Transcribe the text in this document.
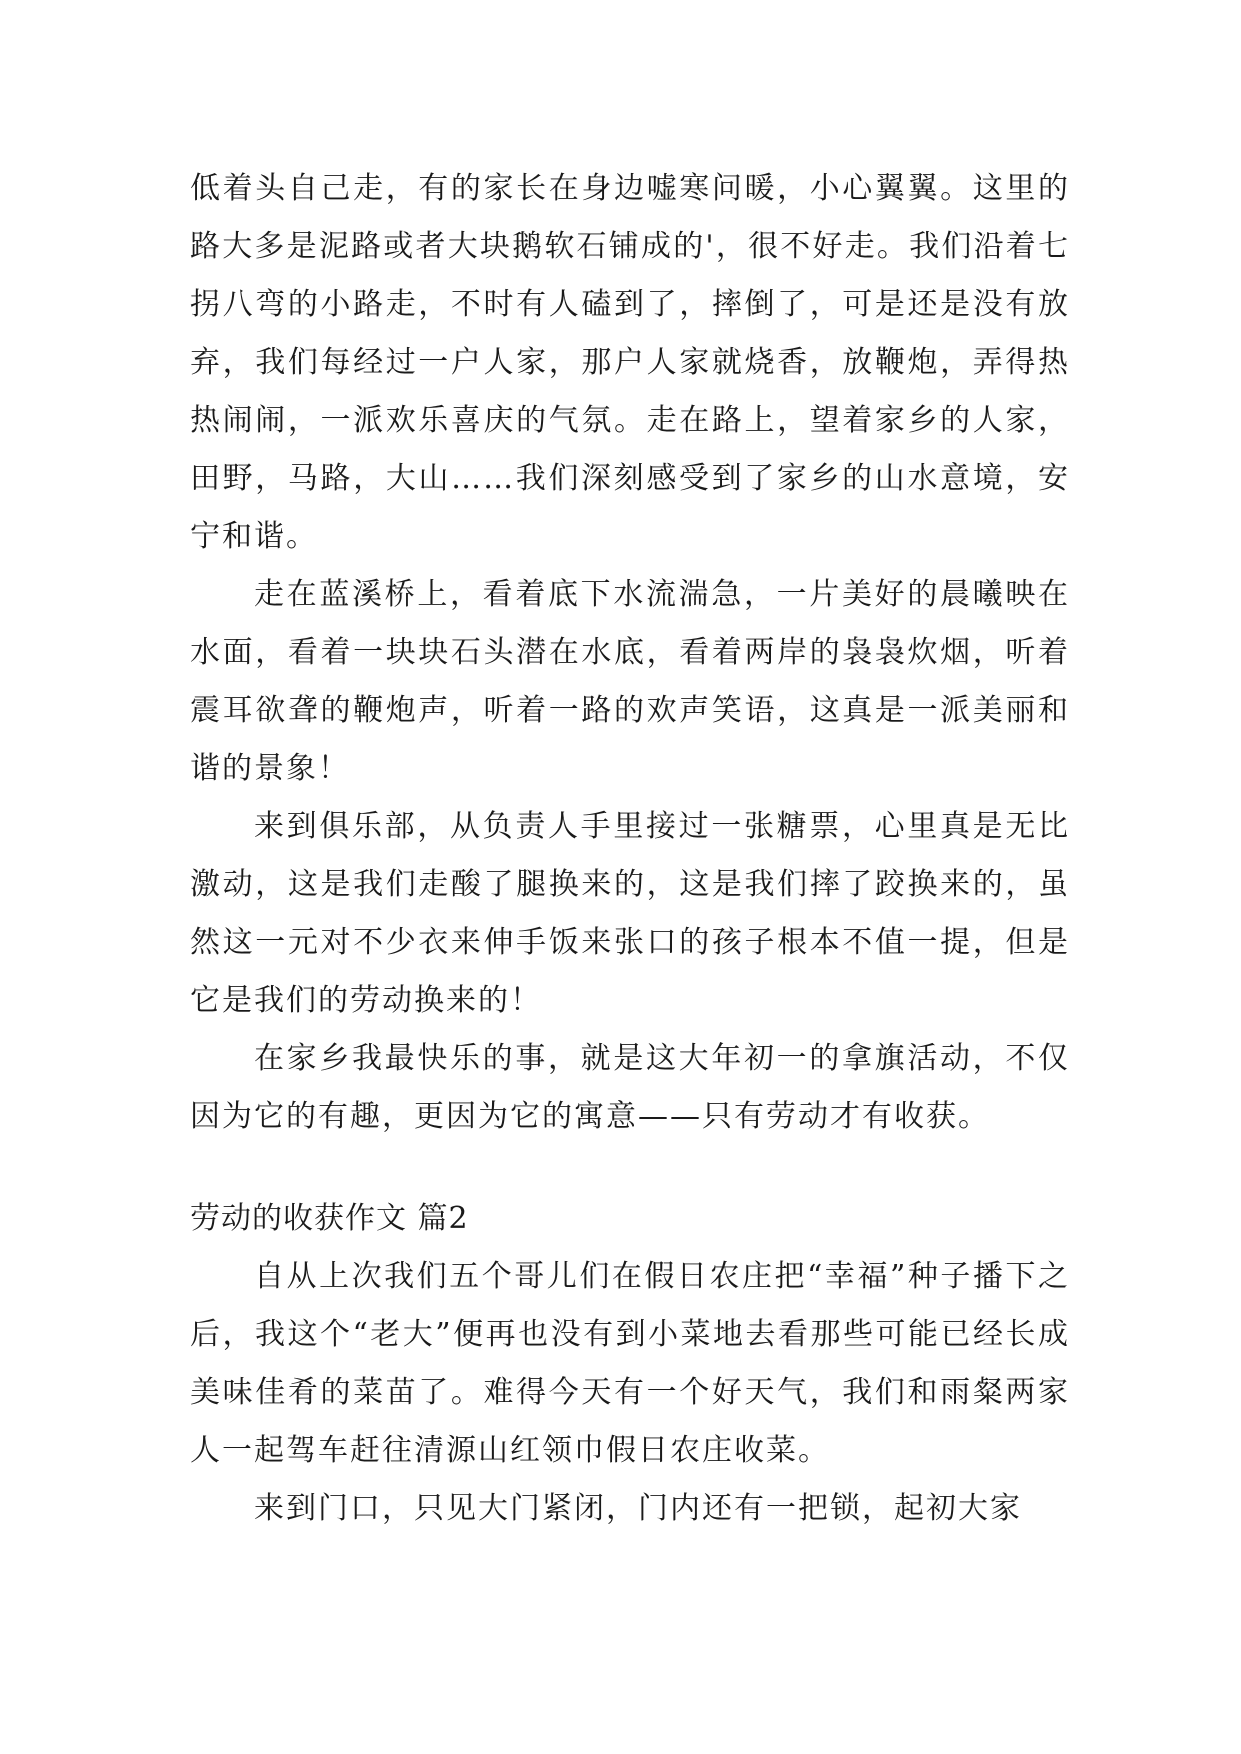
低着头自己走，有的家长在身边嘘寒问暖，小心翼翼。这里的路大多是泥路或者大块鹅软石铺成的'，很不好走。我们沿着七拐八弯的小路走，不时有人磕到了，摔倒了，可是还是没有放弃，我们每经过一户人家，那户人家就烧香，放鞭炮，弄得热热闹闹，一派欢乐喜庆的气氛。走在路上，望着家乡的人家，田野，马路，大山……我们深刻感受到了家乡的山水意境，安宁和谐。

走在蓝溪桥上，看着底下水流湍急，一片美好的晨曦映在水面，看着一块块石头潜在水底，看着两岸的袅袅炊烟，听着震耳欲聋的鞭炮声，听着一路的欢声笑语，这真是一派美丽和谐的景象！

来到俱乐部，从负责人手里接过一张糖票，心里真是无比激动，这是我们走酸了腿换来的，这是我们摔了跤换来的，虽然这一元对不少衣来伸手饭来张口的孩子根本不值一提，但是它是我们的劳动换来的！

在家乡我最快乐的事，就是这大年初一的拿旗活动，不仅因为它的有趣，更因为它的寓意——只有劳动才有收获。

劳动的收获作文 篇2

自从上次我们五个哥儿们在假日农庄把“幸福”种子播下之后，我这个“老大”便再也没有到小菜地去看那些可能已经长成美味佳肴的菜苗了。难得今天有一个好天气，我们和雨粲两家人一起驾车赶往清源山红领巾假日农庄收菜。

来到门口，只见大门紧闭，门内还有一把锁，起初大家
